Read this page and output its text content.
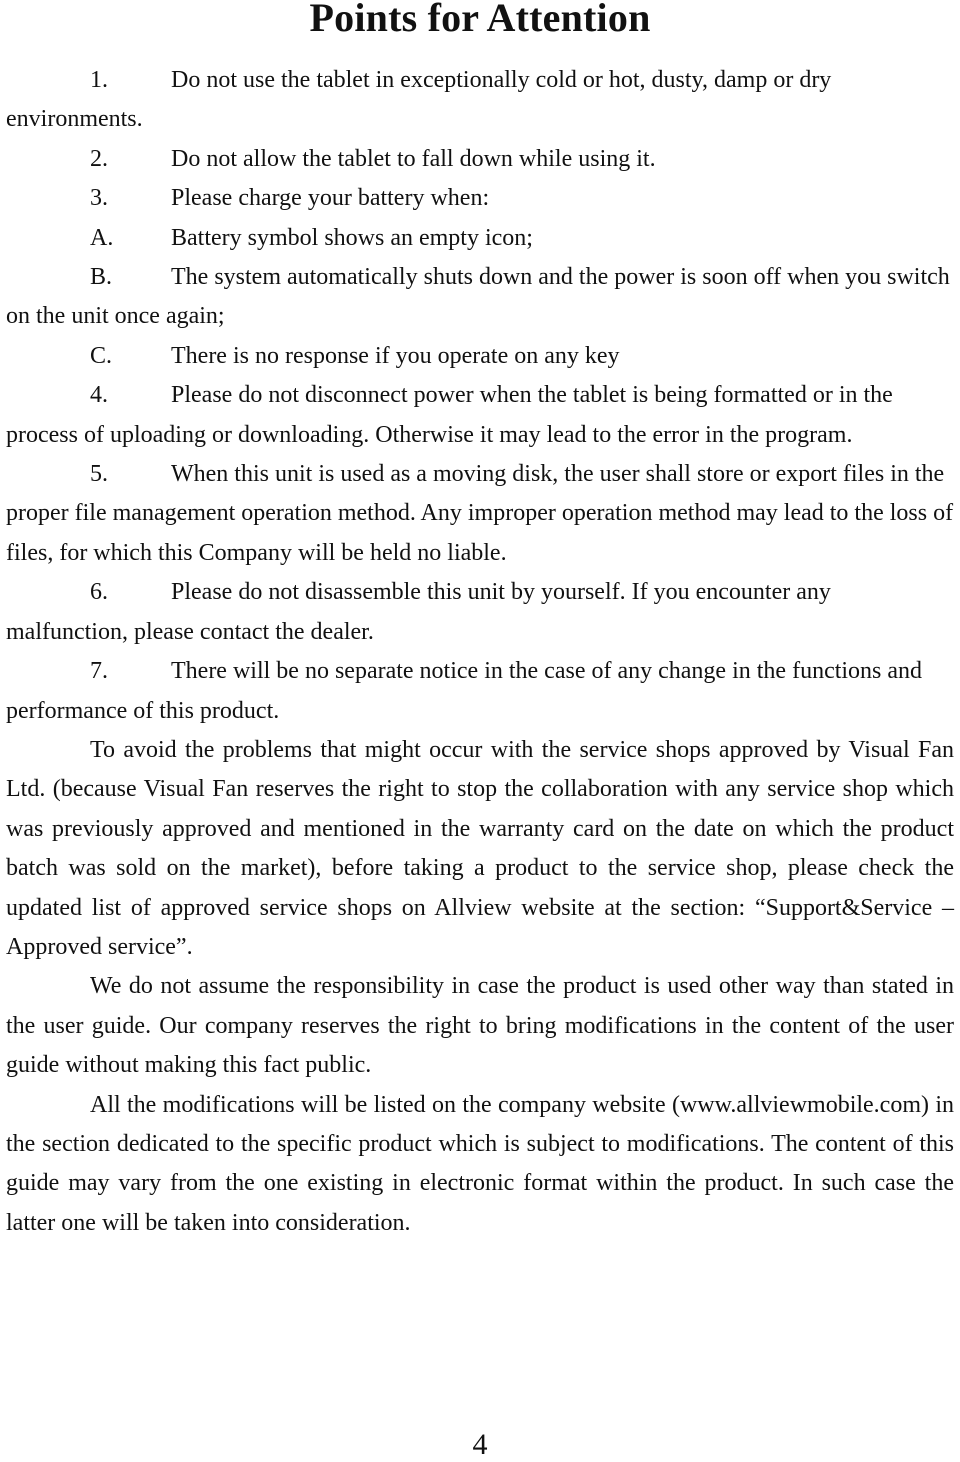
Points for Attention

1.	Do not use the tablet in exceptionally cold or hot, dusty, damp or dry environments.

2.	Do not allow the tablet to fall down while using it.

3.	Please charge your battery when:

A. Battery symbol shows an empty icon;

B. The system automatically shuts down and the power is soon off when you switch on the unit once again;

C. There is no response if you operate on any key

4.	Please do not disconnect power when the tablet is being formatted or in the process of uploading or downloading. Otherwise it may lead to the error in the program.

5.	When this unit is used as a moving disk, the user shall store or export files in the proper file management operation method. Any improper operation method may lead to the loss of files, for which this Company will be held no liable.

6.	Please do not disassemble this unit by yourself. If you encounter any malfunction, please contact the dealer.

7.	There will be no separate notice in the case of any change in the functions and performance of this product.

To avoid the problems that might occur with the service shops approved by Visual Fan Ltd. (because Visual Fan reserves the right to stop the collaboration with any service shop which was previously approved and mentioned in the warranty card on the date on which the product batch was sold on the market), before taking a product to the service shop, please check the updated list of approved service shops on Allview website at the section: “Support&Service – Approved service”.

We do not assume the responsibility in case the product is used other way than stated in the user guide. Our company reserves the right to bring modifications in the content of the user guide without making this fact public.

All the modifications will be listed on the company website (www.allviewmobile.com) in the section dedicated to the specific product which is subject to modifications. The content of this guide may vary from the one existing in electronic format within the product. In such case the latter one will be taken into consideration.

4
